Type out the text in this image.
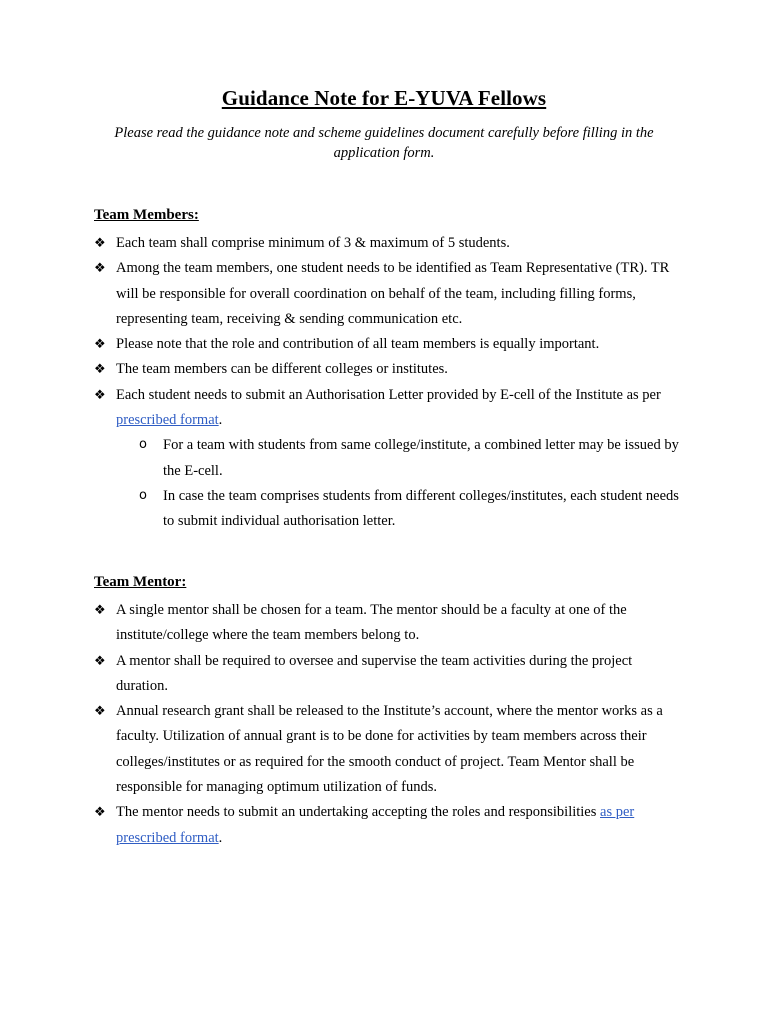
Guidance Note for E-YUVA Fellows

Please read the guidance note and scheme guidelines document carefully before filling in the application form.

Team Members:
❖ Each team shall comprise minimum of 3 & maximum of 5 students.
❖ Among the team members, one student needs to be identified as Team Representative (TR). TR will be responsible for overall coordination on behalf of the team, including filling forms, representing team, receiving & sending communication etc.
❖ Please note that the role and contribution of all team members is equally important.
❖ The team members can be different colleges or institutes.
❖ Each student needs to submit an Authorisation Letter provided by E-cell of the Institute as per prescribed format.
o For a team with students from same college/institute, a combined letter may be issued by the E-cell.
o In case the team comprises students from different colleges/institutes, each student needs to submit individual authorisation letter.
Team Mentor:
❖ A single mentor shall be chosen for a team. The mentor should be a faculty at one of the institute/college where the team members belong to.
❖ A mentor shall be required to oversee and supervise the team activities during the project duration.
❖ Annual research grant shall be released to the Institute’s account, where the mentor works as a faculty. Utilization of annual grant is to be done for activities by team members across their colleges/institutes or as required for the smooth conduct of project. Team Mentor shall be responsible for managing optimum utilization of funds.
❖ The mentor needs to submit an undertaking accepting the roles and responsibilities as per prescribed format.
